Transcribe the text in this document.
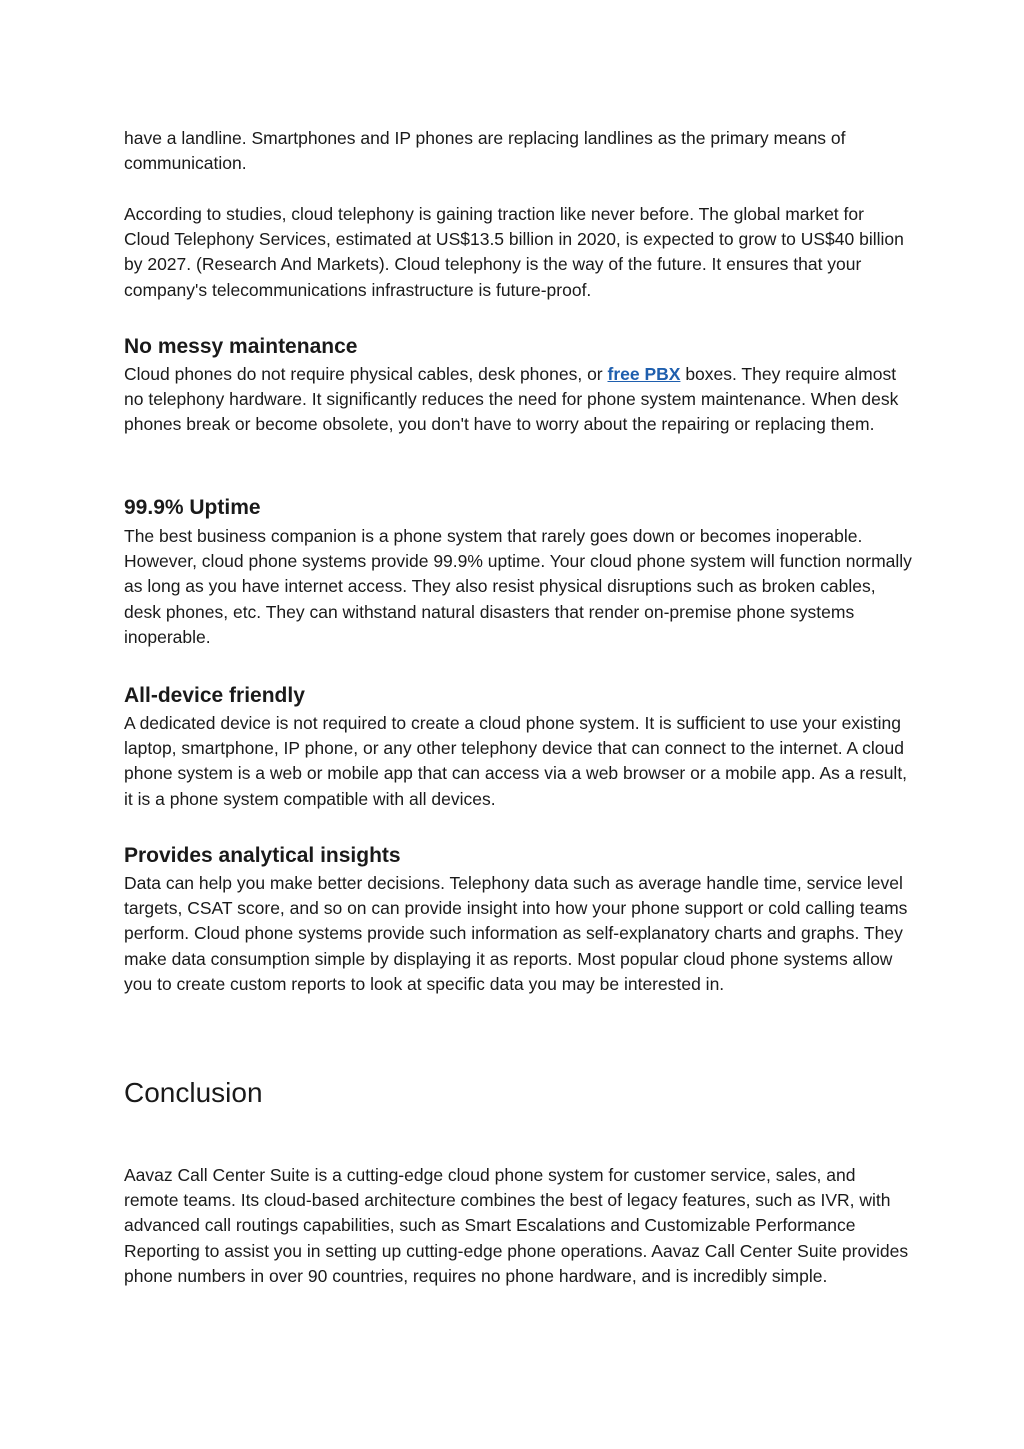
have a landline. Smartphones and IP phones are replacing landlines as the primary means of communication.

According to studies, cloud telephony is gaining traction like never before. The global market for Cloud Telephony Services, estimated at US$13.5 billion in 2020, is expected to grow to US$40 billion by 2027. (Research And Markets). Cloud telephony is the way of the future. It ensures that your company's telecommunications infrastructure is future-proof.

No messy maintenance

Cloud phones do not require physical cables, desk phones, or free PBX boxes. They require almost no telephony hardware. It significantly reduces the need for phone system maintenance. When desk phones break or become obsolete, you don't have to worry about the repairing or replacing them.

99.9% Uptime

The best business companion is a phone system that rarely goes down or becomes inoperable. However, cloud phone systems provide 99.9% uptime. Your cloud phone system will function normally as long as you have internet access. They also resist physical disruptions such as broken cables, desk phones, etc. They can withstand natural disasters that render on-premise phone systems inoperable.

All-device friendly

A dedicated device is not required to create a cloud phone system. It is sufficient to use your existing laptop, smartphone, IP phone, or any other telephony device that can connect to the internet. A cloud phone system is a web or mobile app that can access via a web browser or a mobile app. As a result, it is a phone system compatible with all devices.

Provides analytical insights

Data can help you make better decisions. Telephony data such as average handle time, service level targets, CSAT score, and so on can provide insight into how your phone support or cold calling teams perform. Cloud phone systems provide such information as self-explanatory charts and graphs. They make data consumption simple by displaying it as reports. Most popular cloud phone systems allow you to create custom reports to look at specific data you may be interested in.

Conclusion

Aavaz Call Center Suite is a cutting-edge cloud phone system for customer service, sales, and remote teams. Its cloud-based architecture combines the best of legacy features, such as IVR, with advanced call routings capabilities, such as Smart Escalations and Customizable Performance Reporting to assist you in setting up cutting-edge phone operations. Aavaz Call Center Suite provides phone numbers in over 90 countries, requires no phone hardware, and is incredibly simple.
